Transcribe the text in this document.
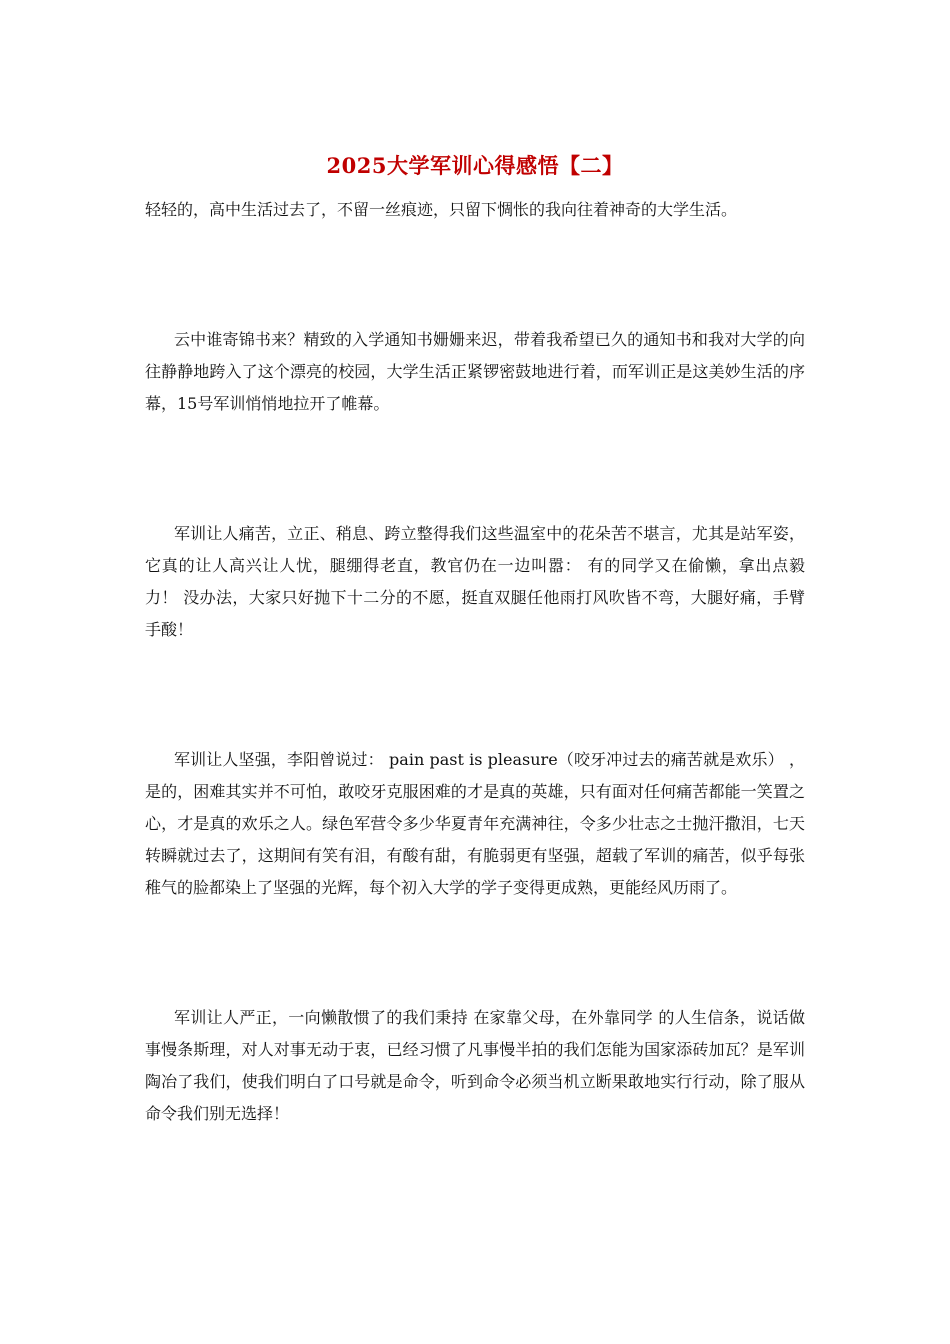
2025大学军训心得感悟【二】

轻轻的，高中生活过去了，不留一丝痕迹，只留下惆怅的我向往着神奇的大学生活。

云中谁寄锦书来？精致的入学通知书姗姗来迟，带着我希望已久的通知书和我对大学的向往静静地跨入了这个漂亮的校园，大学生活正紧锣密鼓地进行着，而军训正是这美妙生活的序幕，15号军训悄悄地拉开了帷幕。

军训让人痛苦，立正、稍息、跨立整得我们这些温室中的花朵苦不堪言，尤其是站军姿，它真的让人高兴让人忧，腿绷得老直，教官仍在一边叫嚣： 有的同学又在偷懒，拿出点毅力！ 没办法，大家只好抛下十二分的不愿，挺直双腿任他雨打风吹皆不弯，大腿好痛，手臂手酸！

军训让人坚强，李阳曾说过： pain past is pleasure（咬牙冲过去的痛苦就是欢乐） ，是的，困难其实并不可怕，敢咬牙克服困难的才是真的英雄，只有面对任何痛苦都能一笑置之心，才是真的欢乐之人。绿色军营令多少华夏青年充满神往，令多少壮志之士抛汗撒泪，七天转瞬就过去了，这期间有笑有泪，有酸有甜，有脆弱更有坚强，超载了军训的痛苦，似乎每张稚气的脸都染上了坚强的光辉，每个初入大学的学子变得更成熟，更能经风历雨了。

军训让人严正，一向懒散惯了的我们秉持 在家靠父母，在外靠同学 的人生信条，说话做事慢条斯理，对人对事无动于衷，已经习惯了凡事慢半拍的我们怎能为国家添砖加瓦？是军训陶冶了我们，使我们明白了口号就是命令，听到命令必须当机立断果敢地实行行动，除了服从命令我们别无选择！
